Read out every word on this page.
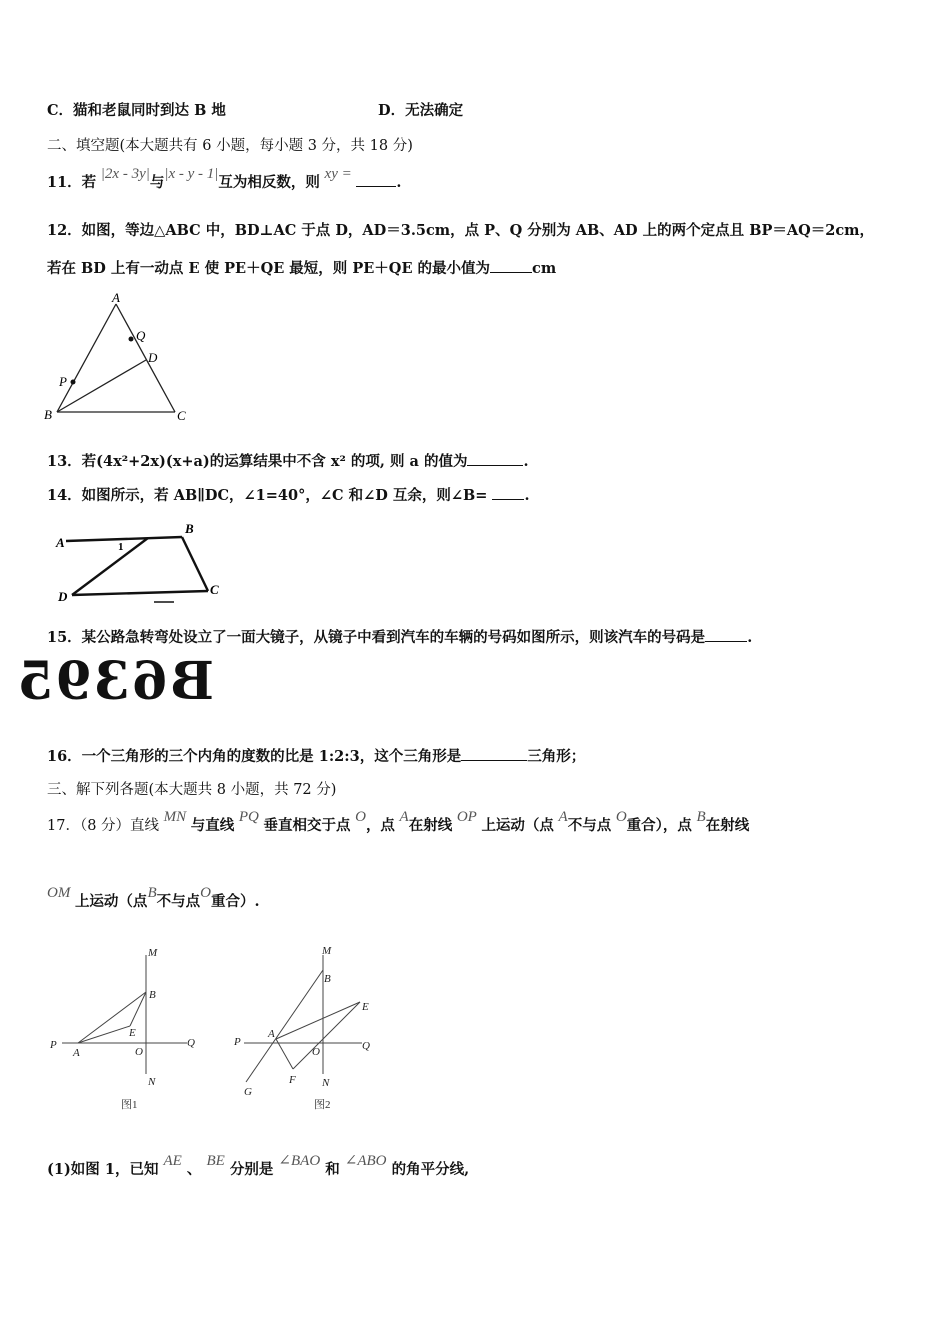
C．猫和老鼠同时到达 B 地	D．无法确定
二、填空题(本大题共有 6 小题，每小题 3 分，共 18 分)
11．若 |2x - 3y|与|x - y - 1|互为相反数，则 xy =	.
12．如图，等边△ABC 中，BD⊥AC 于点 D，AD＝3.5cm，点 P、Q 分别为 AB、AD 上的两个定点且 BP＝AQ＝2cm，
若在 BD 上有一动点 E 使 PE＋QE 最短，则 PE＋QE 的最小值为	cm
A
B	C
D
P
Q
13．若(4x²+2x)(x+a)的运算结果中不含 x² 的项, 则 a 的值为	.
14．如图所示，若 AB∥DC，∠1=40°，∠C 和∠D 互余，则∠B=	.
A
B
C
D
1
15．某公路急转弯处设立了一面大镜子，从镜子中看到汽车的车辆的号码如图所示，则该汽车的号码是	.
B6395
16．一个三角形的三个内角的度数的比是 1:2:3，这个三角形是	三角形；
三、解下列各题(本大题共 8 小题，共 72 分)
17．（8 分）直线 MN 与直线 PQ 垂直相交于点 O，点 A在射线 OP 上运动（点 A不与点 O重合），点 B在射线
OM 上运动（点B不与点O重合）.
M
N
P	Q
O
A
B
E
图1
M
N
P	Q
O
A
B
E
F
G
图2
(1)如图 1，已知 AE 、 BE 分别是 ∠BAO 和 ∠ABO 的角平分线,
